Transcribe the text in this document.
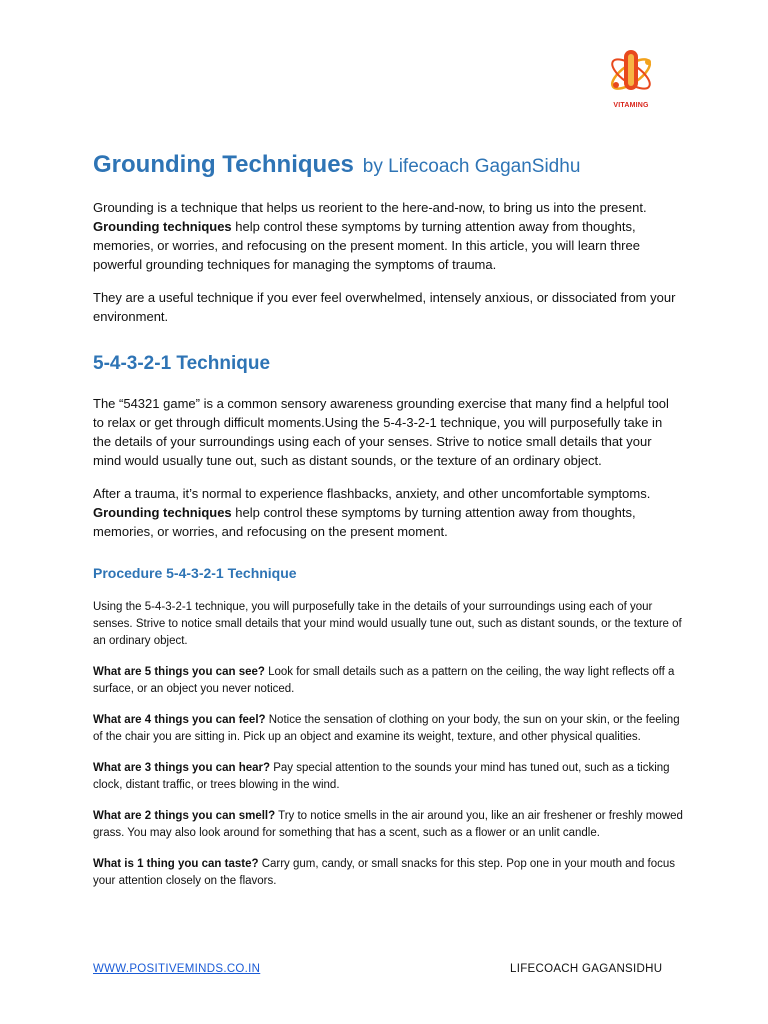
VITAMING
Grounding Techniques by Lifecoach GaganSidhu

Grounding is a technique that helps us reorient to the here-and-now, to bring us into the present. Grounding techniques help control these symptoms by turning attention away from thoughts, memories, or worries, and refocusing on the present moment. In this article, you will learn three powerful grounding techniques for managing the symptoms of trauma.

They are a useful technique if you ever feel overwhelmed, intensely anxious, or dissociated from your environment.

5-4-3-2-1 Technique

The “54321 game” is a common sensory awareness grounding exercise that many find a helpful tool to relax or get through difficult moments.Using the 5-4-3-2-1 technique, you will purposefully take in the details of your surroundings using each of your senses. Strive to notice small details that your mind would usually tune out, such as distant sounds, or the texture of an ordinary object.

After a trauma, it’s normal to experience flashbacks, anxiety, and other uncomfortable symptoms. Grounding techniques help control these symptoms by turning attention away from thoughts, memories, or worries, and refocusing on the present moment.

Procedure 5-4-3-2-1 Technique

Using the 5-4-3-2-1 technique, you will purposefully take in the details of your surroundings using each of your senses. Strive to notice small details that your mind would usually tune out, such as distant sounds, or the texture of an ordinary object.

What are 5 things you can see? Look for small details such as a pattern on the ceiling, the way light reflects off a surface, or an object you never noticed.

What are 4 things you can feel? Notice the sensation of clothing on your body, the sun on your skin, or the feeling of the chair you are sitting in. Pick up an object and examine its weight, texture, and other physical qualities.

What are 3 things you can hear? Pay special attention to the sounds your mind has tuned out, such as a ticking clock, distant traffic, or trees blowing in the wind.

What are 2 things you can smell? Try to notice smells in the air around you, like an air freshener or freshly mowed grass. You may also look around for something that has a scent, such as a flower or an unlit candle.

What is 1 thing you can taste? Carry gum, candy, or small snacks for this step. Pop one in your mouth and focus your attention closely on the flavors.

WWW.POSITIVEMINDS.CO.IN	LIFECOACH GAGANSIDHU
